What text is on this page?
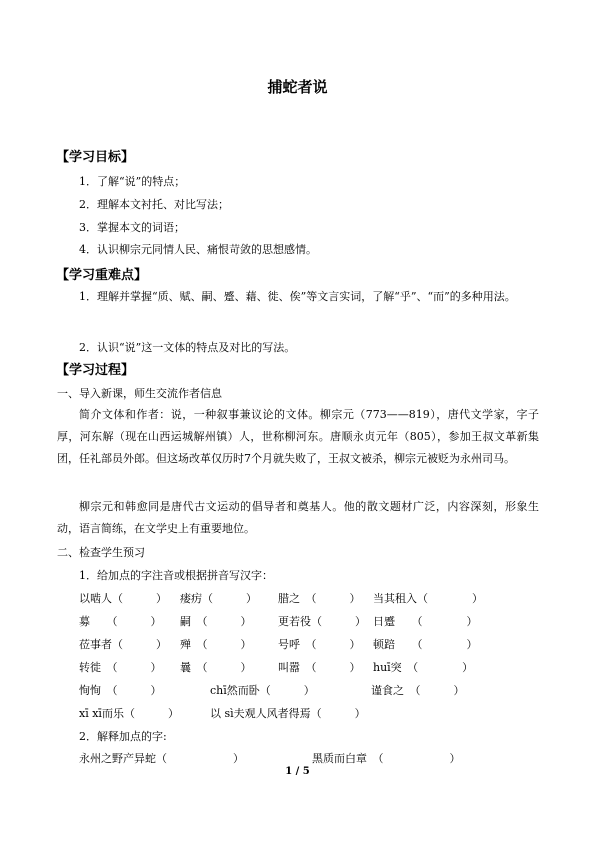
捕蛇者说
【学习目标】
1．了解“说”的特点；
2．理解本文衬托、对比写法；
3．掌握本文的词语；
4．认识柳宗元同情人民、痛恨苛敛的思想感情。
【学习重难点】
1．理解并掌握“质、赋、嗣、蹙、藉、徙、俟”等文言实词，了解“乎”、“而”的多种用法。
2．认识“说”这一文体的特点及对比的写法。
【学习过程】
一、导入新课，师生交流作者信息
简介文体和作者：说，一种叙事兼议论的文体。柳宗元（773——819），唐代文学家，字子厚，河东解（现在山西运城解州镇）人，世称柳河东。唐顺永贞元年（805），参加王叔文革新集团，任礼部员外郎。但这场改革仅历时7个月就失败了，王叔文被杀，柳宗元被贬为永州司马。
柳宗元和韩愈同是唐代古文运动的倡导者和奠基人。他的散文题材广泛，内容深刻，形象生动，语言简练，在文学史上有重要地位。
二、检查学生预习
1．给加点的字注音或根据拼音写汉字：
以啮人（　　　） 瘘疠（　　　） 腊之　（　　　） 当其租入（　　　　）
募　　（　　　） 嗣　（　　　） 更若役（　　　） 日蹙　　（　　　　）
莅事者（　　　） 殚　（　　　） 号呼　（　　　） 顿踣　　（　　　　）
转徙　（　　　） 曩　（　　　） 叫嚣　（　　　） huī突　（　　　　）
恂恂　（　　　）	chī然而卧（　　　）	谨食之　（　　　）
xī xī而乐（　　　）	以 sì夫观人风者得焉（　　　）
2．解释加点的字:
永州之野产异蛇（　　　　　　）	黑质而白章　（　　　　　　）
1 / 5
